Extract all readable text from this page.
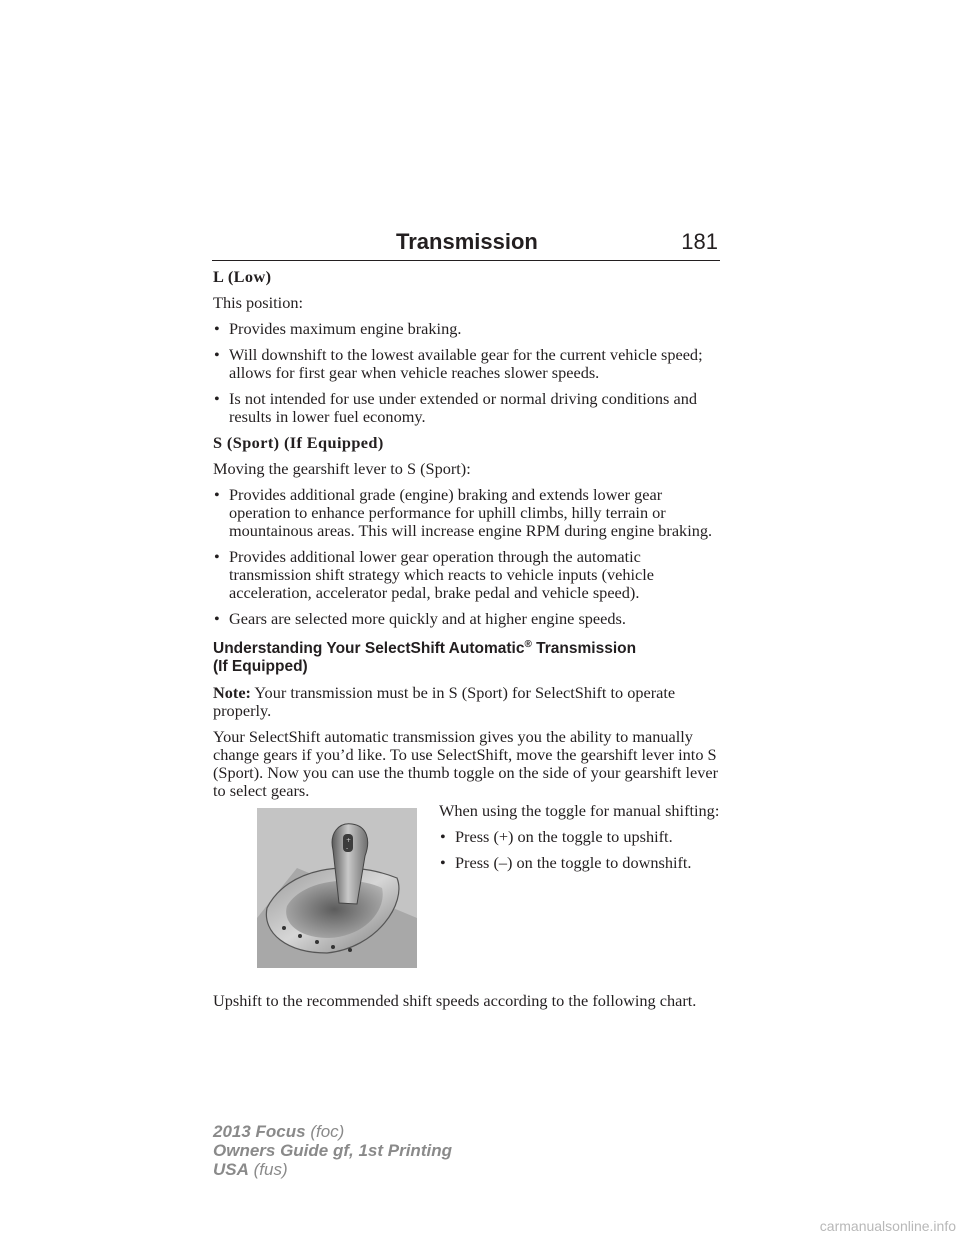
Transmission	181
L (Low)

This position:

• Provides maximum engine braking.
• Will downshift to the lowest available gear for the current vehicle speed; allows for first gear when vehicle reaches slower speeds.
• Is not intended for use under extended or normal driving conditions and results in lower fuel economy.
S (Sport) (If Equipped)

Moving the gearshift lever to S (Sport):

• Provides additional grade (engine) braking and extends lower gear operation to enhance performance for uphill climbs, hilly terrain or mountainous areas. This will increase engine RPM during engine braking.
• Provides additional lower gear operation through the automatic transmission shift strategy which reacts to vehicle inputs (vehicle acceleration, accelerator pedal, brake pedal and vehicle speed).
• Gears are selected more quickly and at higher engine speeds.
Understanding Your SelectShift Automatic® Transmission
(If Equipped)

Note: Your transmission must be in S (Sport) for SelectShift to operate properly.

Your SelectShift automatic transmission gives you the ability to manually change gears if you’d like. To use SelectShift, move the gearshift lever into S (Sport). Now you can use the thumb toggle on the side of your gearshift lever to select gears.

+
-

When using the toggle for manual shifting:

• Press (+) on the toggle to upshift.
• Press (–) on the toggle to downshift.

Upshift to the recommended shift speeds according to the following chart.

2013 Focus (foc)
Owners Guide gf, 1st Printing
USA (fus)
carmanualsonline.info
